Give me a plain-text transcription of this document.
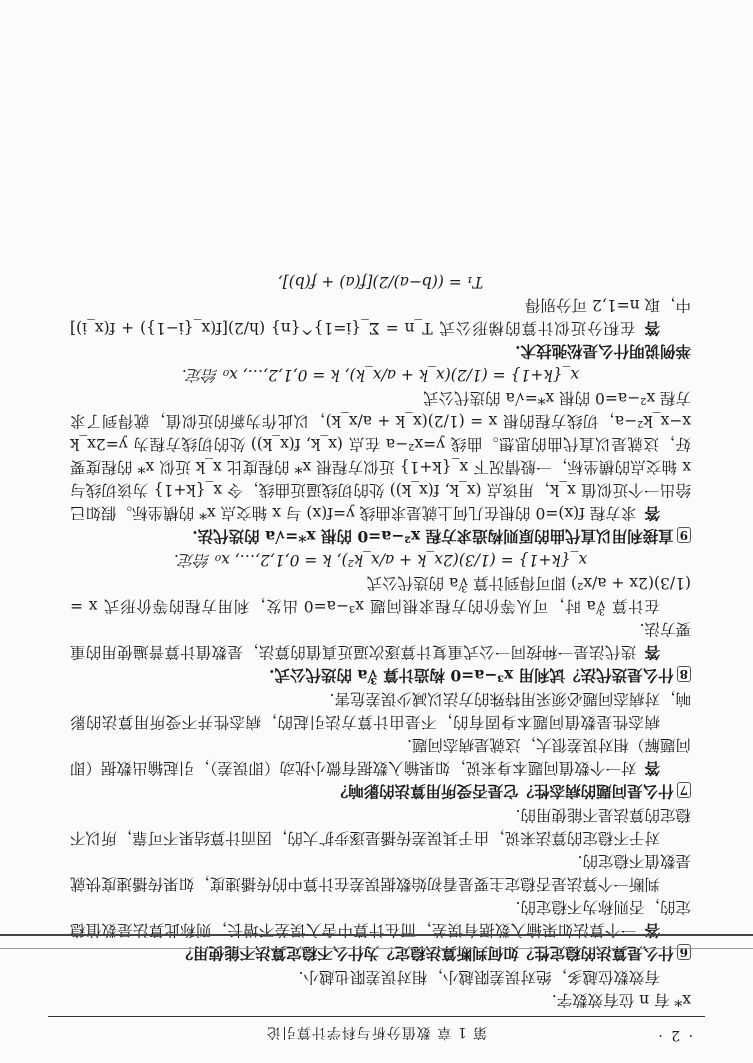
· 2 ·
第 1 章 数值分析与科学计算引论

x* 有 n 位有效数字.

有效数位越多，绝对误差限越小，相对误差限也越小.

6什么是算法的稳定性？如何判断算法稳定？为什么不稳定算法不能使用？

答一个算法如果输入数据有误差，而在计算中舍入误差不增长，则称此算法是数值稳定的，否则称为不稳定的.

判断一个算法是否稳定主要是看初始数据误差在计算中的传播速度，如果传播速度快就是数值不稳定的.

对于不稳定的算法来说，由于其误差传播是逐步扩大的，因而计算结果不可靠，所以不稳定的算法是不能使用的.

7什么是问题的病态性？它是否受所用算法的影响？

答对一个数值问题本身来说，如果输入数据有微小扰动（即误差），引起输出数据（即问题解）相对误差很大，这就是病态问题.

病态性是数值问题本身固有的，不是由计算方法引起的，病态性并不受所用算法的影响，对病态问题必须采用特殊的方法以减少误差危害.

8什么是迭代法？试利用 x³−a=0 构造计算 ∛a 的迭代公式.

答迭代法是一种按同一公式重复计算逐次逼近真值的算法，是数值计算普遍使用的重要方法.

在计算 ∛a 时，可从等价的方程求根问题 x³−a=0 出发，利用方程的等价形式 x = (1/3)(2x + a/x²) 即可得到计算 ∛a 的迭代公式

x_{k+1} = (1/3)(2x_k + a/x_k²), k = 0,1,2,…, x₀ 给定.

9直接利用以直代曲的原则构造求方程 x²−a=0 的根 x*=√a 的迭代法.

答求方程 f(x)=0 的根在几何上就是求曲线 y=f(x) 与 x 轴交点 x* 的横坐标。假如已给出一个近似值 x_k，用该点 (x_k, f(x_k)) 处的切线逼近曲线，令 x_{k+1} 为该切线与 x 轴交点的横坐标，一般情况下 x_{k+1} 近似方程根 x* 的程度比 x_k 近似 x* 的程度要好，这就是以直代曲的思想。曲线 y=x²−a 在点 (x_k, f(x_k)) 处的切线方程为 y=2x_k x−x_k²−a，切线方程的根 x = (1/2)(x_k + a/x_k)，以此作为新的近似值，就得到了求方程 x²−a=0 的根 x*=√a 的迭代公式

x_{k+1} = (1/2)(x_k + a/x_k), k = 0,1,2,…, x₀ 给定.

举例说明什么是松弛技术.

答在积分近似计算的梯形公式 T_n = Σ_{i=1}^{n} (h/2)[f(x_{i−1}) + f(x_i)] 中，取 n=1,2 可分别得

T₁ = ((b−a)/2)[f(a) + f(b)],
